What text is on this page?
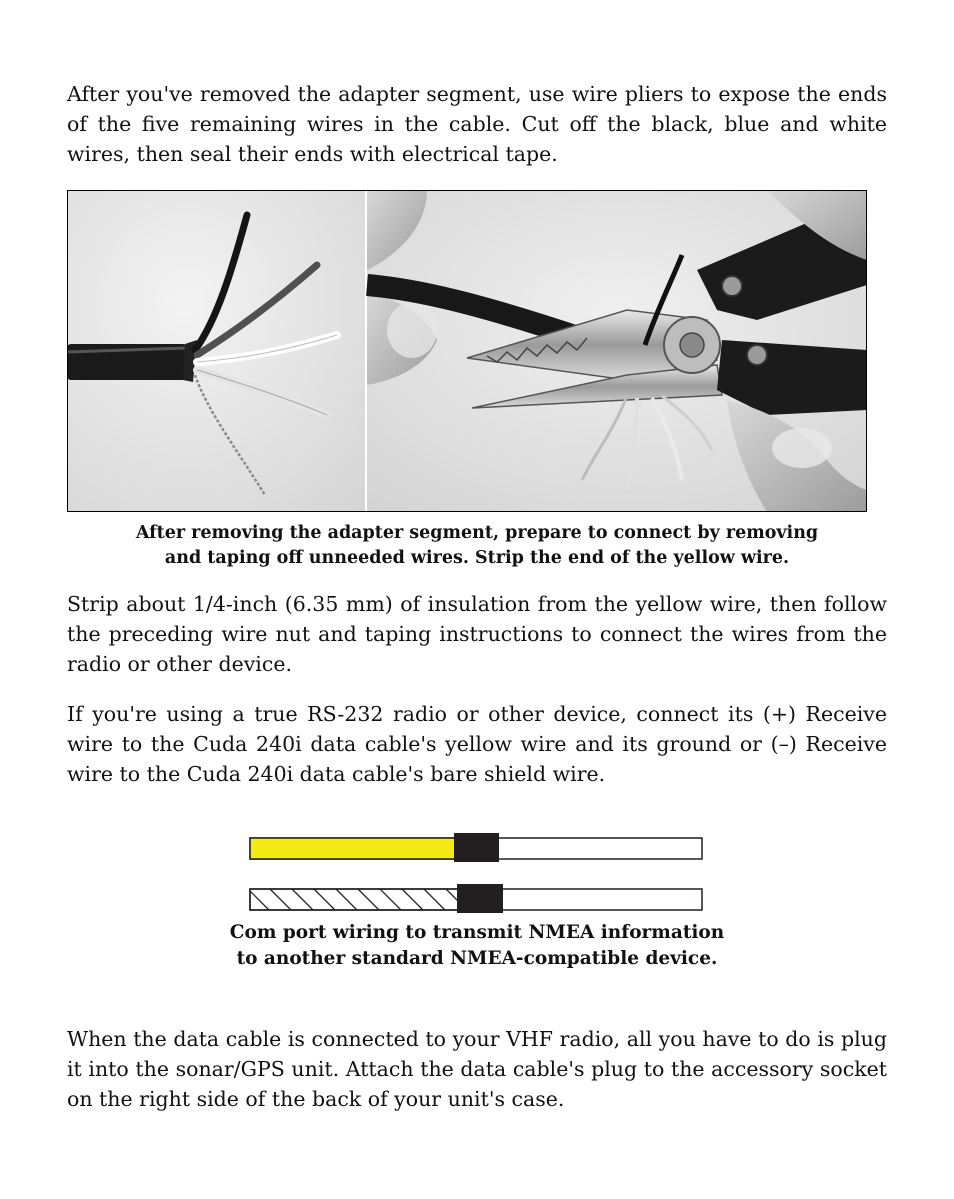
After you've removed the adapter segment, use wire pliers to expose the ends of the five remaining wires in the cable. Cut off the black, blue and white wires, then seal their ends with electrical tape.

After removing the adapter segment, prepare to connect by removing
and taping off unneeded wires. Strip the end of the yellow wire.

Strip about 1/4-inch (6.35 mm) of insulation from the yellow wire, then follow the preceding wire nut and taping instructions to connect the wires from the radio or other device.

If you're using a true RS-232 radio or other device, connect its (+) Receive wire to the Cuda 240i data cable's yellow wire and its ground or (–) Receive wire to the Cuda 240i data cable's bare shield wire.

Com port wiring to transmit NMEA information
to another standard NMEA-compatible device.

When the data cable is connected to your VHF radio, all you have to do is plug it into the sonar/GPS unit. Attach the data cable's plug to the accessory socket on the right side of the back of your unit's case.
